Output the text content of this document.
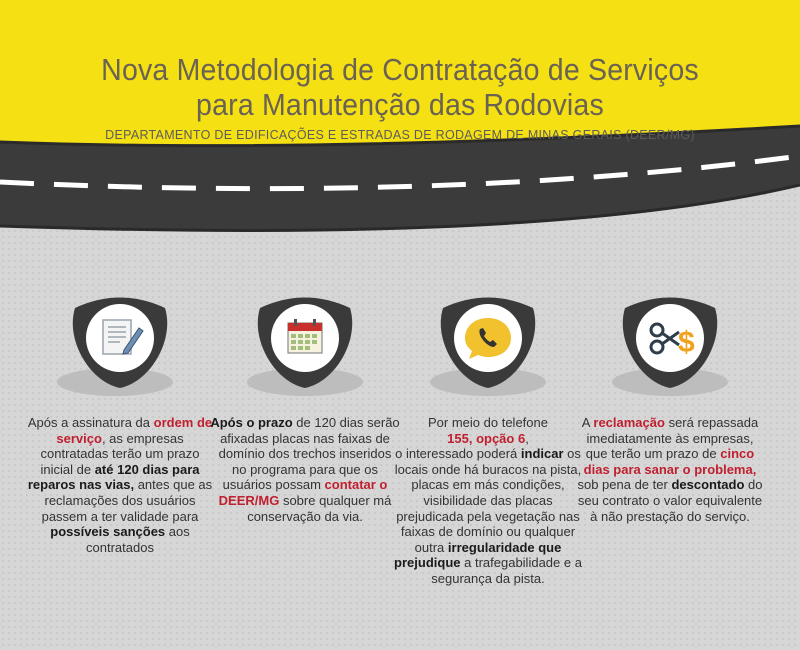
Nova Metodologia de Contratação de Serviços
para Manutenção das Rodovias
DEPARTAMENTO DE EDIFICAÇÕES E ESTRADAS DE RODAGEM DE MINAS GERAIS (DEER/MG)
Após a assinatura da ordem de serviço, as empresas contratadas terão um prazo inicial de até 120 dias para reparos nas vias, antes que as reclamações dos usuários passem a ter validade para possíveis sanções aos contratados
Após o prazo de 120 dias serão afixadas placas nas faixas de domínio dos trechos inseridos no programa para que os usuários possam contatar o DEER/MG sobre qualquer má conservação da via.
Por meio do telefone
155, opção 6,
o interessado poderá indicar os locais onde há buracos na pista, placas em más condições, visibilidade das placas prejudicada pela vegetação nas faixas de domínio ou qualquer outra irregularidade que prejudique a trafegabilidade e a segurança da pista.
$
A reclamação será repassada imediatamente às empresas, que terão um prazo de cinco dias para sanar o problema, sob pena de ter descontado do seu contrato o valor equivalente à não prestação do serviço.
